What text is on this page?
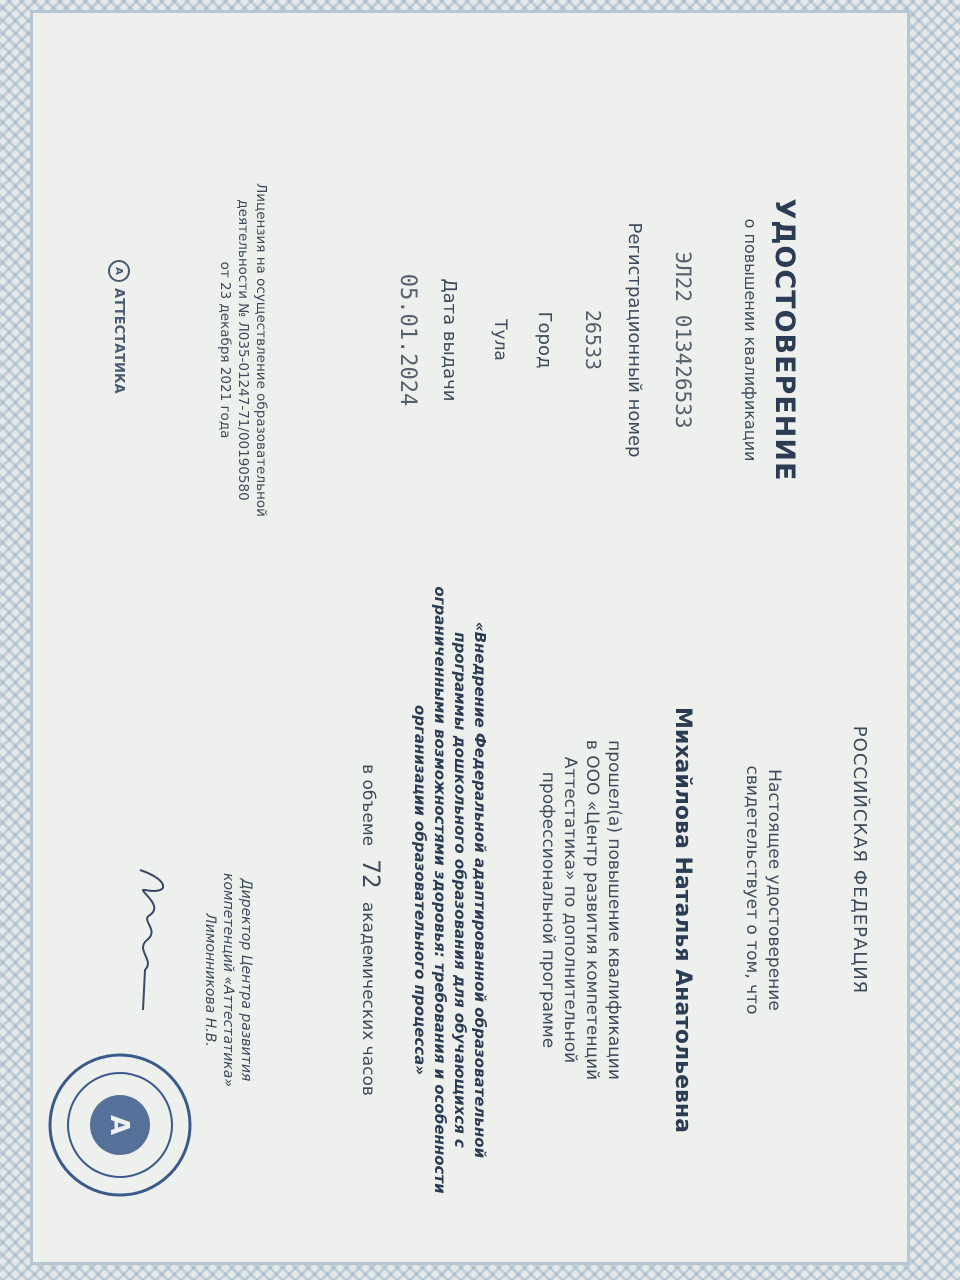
УДОСТОВЕРЕНИЕ
о повышении квалификации
ЭЛ22 013426533
Регистрационный номер
26533
Город
Тула
Дата выдачи
05.01.2024
Лицензия на осуществление образовательной
деятельности № Л035-01247-71/00190580
от 23 декабря 2021 года
А
АТТЕСТАТИКА
РОССИЙСКАЯ ФЕДЕРАЦИЯ
Настоящее удостоверение
свидетельствует о том, что
Михайлова Наталья Анатольевна
прошел(а) повышение квалификации
в ООО «Центр развития компетенций
Аттестатика» по дополнительной
профессиональной программе
«Внедрение Федеральной адаптированной образовательной
программы дошкольного образования для обучающихся с
ограниченными возможностями здоровья: требования и особенности
организации образовательного процесса»
в объеме 72 академических часов
Директор Центра развития
компетенций «Аттестатика»
Лимонникова Н.В.
А
